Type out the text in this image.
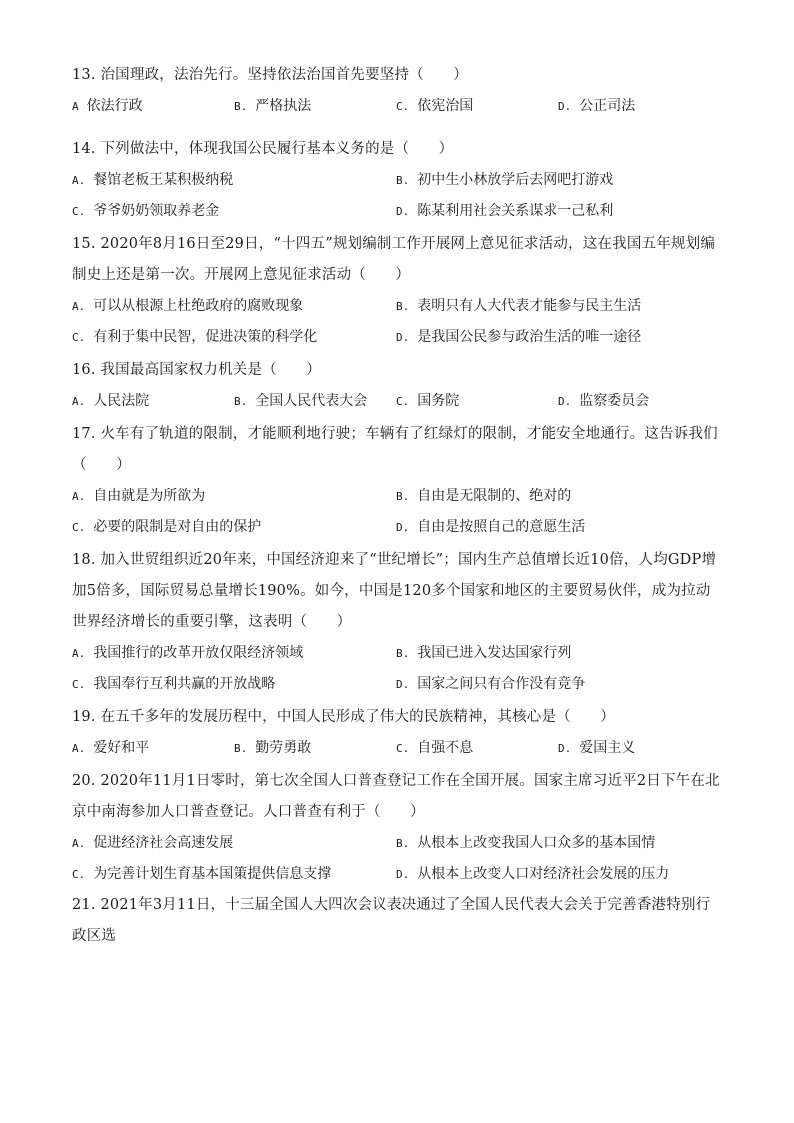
13. 治国理政，法治先行。坚持依法治国首先要坚持（　　）

A 依法行政	B. 严格执法	C. 依宪治国	D. 公正司法

14. 下列做法中，体现我国公民履行基本义务的是（　　）

A. 餐馆老板王某积极纳税	B. 初中生小林放学后去网吧打游戏
C. 爷爷奶奶领取养老金	D. 陈某利用社会关系谋求一己私利

15. 2020年8月16日至29日，“十四五”规划编制工作开展网上意见征求活动，这在我国五年规划编制史上还是第一次。开展网上意见征求活动（　　）

A. 可以从根源上杜绝政府的腐败现象	B. 表明只有人大代表才能参与民主生活
C. 有利于集中民智，促进决策的科学化	D. 是我国公民参与政治生活的唯一途径

16. 我国最高国家权力机关是（　　）

A. 人民法院	B. 全国人民代表大会	C. 国务院	D. 监察委员会

17. 火车有了轨道的限制，才能顺利地行驶；车辆有了红绿灯的限制，才能安全地通行。这告诉我们（　　）

A. 自由就是为所欲为	B. 自由是无限制的、绝对的
C. 必要的限制是对自由的保护	D. 自由是按照自己的意愿生活

18. 加入世贸组织近20年来，中国经济迎来了“世纪增长”；国内生产总值增长近10倍，人均GDP增加5倍多，国际贸易总量增长190%。如今，中国是120多个国家和地区的主要贸易伙伴，成为拉动世界经济增长的重要引擎，这表明（　　）

A. 我国推行的改革开放仅限经济领域	B. 我国已进入发达国家行列
C. 我国奉行互利共赢的开放战略	D. 国家之间只有合作没有竞争

19. 在五千多年的发展历程中，中国人民形成了伟大的民族精神，其核心是（　　）

A. 爱好和平	B. 勤劳勇敢	C. 自强不息	D. 爱国主义

20. 2020年11月1日零时，第七次全国人口普查登记工作在全国开展。国家主席习近平2日下午在北京中南海参加人口普查登记。人口普查有利于（　　）

A. 促进经济社会高速发展	B. 从根本上改变我国人口众多的基本国情
C. 为完善计划生育基本国策提供信息支撑	D. 从根本上改变人口对经济社会发展的压力

21. 2021年3月11日，十三届全国人大四次会议表决通过了全国人民代表大会关于完善香港特别行政区选
